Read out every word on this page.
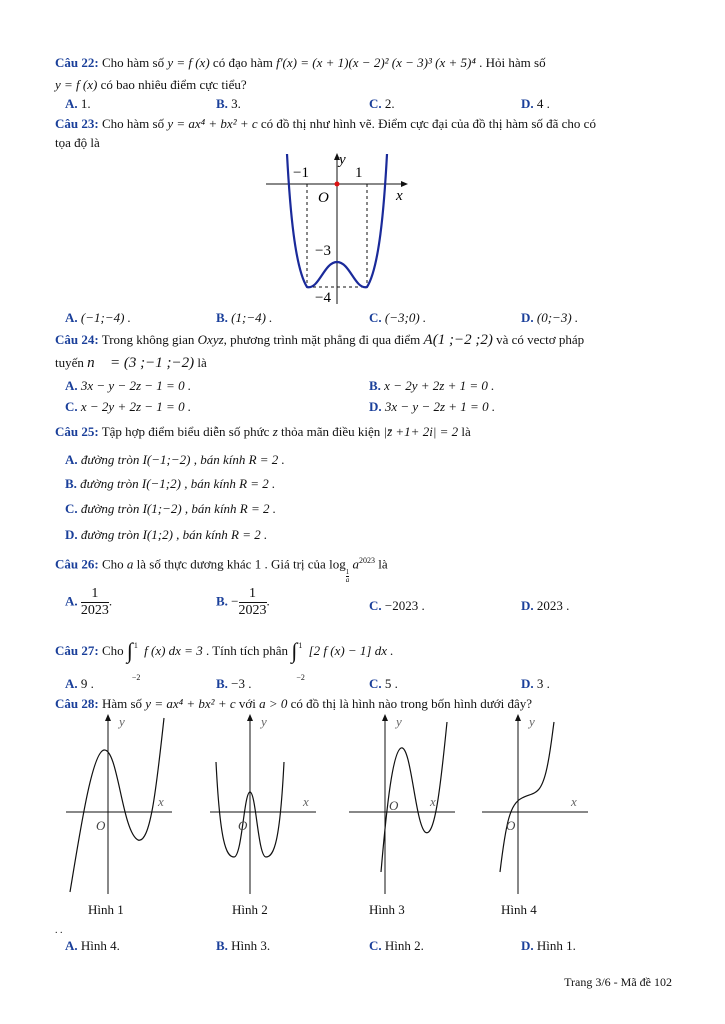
Câu 22: Cho hàm số y = f (x) có đạo hàm f′(x) = (x + 1)(x − 2)² (x − 3)³ (x + 5)⁴ . Hỏi hàm số
y = f (x) có bao nhiêu điểm cực tiểu?
A. 1.	B. 3.	C. 2.	D. 4 .
Câu 23: Cho hàm số y = ax⁴ + bx² + c có đồ thị như hình vẽ. Điểm cực đại của đồ thị hàm số đã cho có
tọa độ là
y
x
O
−1	1
−3
−4
A. (−1;−4) .	B. (1;−4) .	C. (−3;0) .	D. (0;−3) .
Câu 24: Trong không gian Oxyz, phương trình mặt phẳng đi qua điểm A(1 ;−2 ;2) và có vectơ pháp
tuyến n⃗ = (3 ;−1 ;−2) là
A. 3x − y − 2z − 1 = 0 .	B. x − 2y + 2z + 1 = 0 .
C. x − 2y + 2z − 1 = 0 .	D. 3x − y − 2z + 1 = 0 .
Câu 25: Tập hợp điểm biểu diễn số phức z thỏa mãn điều kiện |z̄ +1+ 2i| = 2 là
A. đường tròn I(−1;−2) , bán kính R = 2 .
B. đường tròn I(−1;2) , bán kính R = 2 .
C. đường tròn I(1;−2) , bán kính R = 2 .
D. đường tròn I(1;2) , bán kính R = 2 .
Câu 26: Cho a là số thực dương khác 1 . Giá trị của log
$\frac{1}{a}$
$a^{2023}$ là
A. $\frac{1}{2023}$ .	B. − $\frac{1}{2023}$ .	C. −2023 .	D. 2023 .
Câu 27: Cho ∫ 1
−2
f (x) dx = 3 . Tính tích phân ∫ 1
−2
[2 f (x) − 1] dx .
A. 9 .	B. −3 .	C. 5 .	D. 3 .
Câu 28: Hàm số y = ax⁴ + bx² + c với a > 0 có đồ thị là hình nào trong bốn hình dưới đây?
y
x
O
Hình 1
y
x
O
Hình 2
y
x
O
Hình 3
y
x
O
Hình 4
. .
A. Hình 4.	B. Hình 3.	C. Hình 2.	D. Hình 1.
Trang 3/6 - Mã đề 102
